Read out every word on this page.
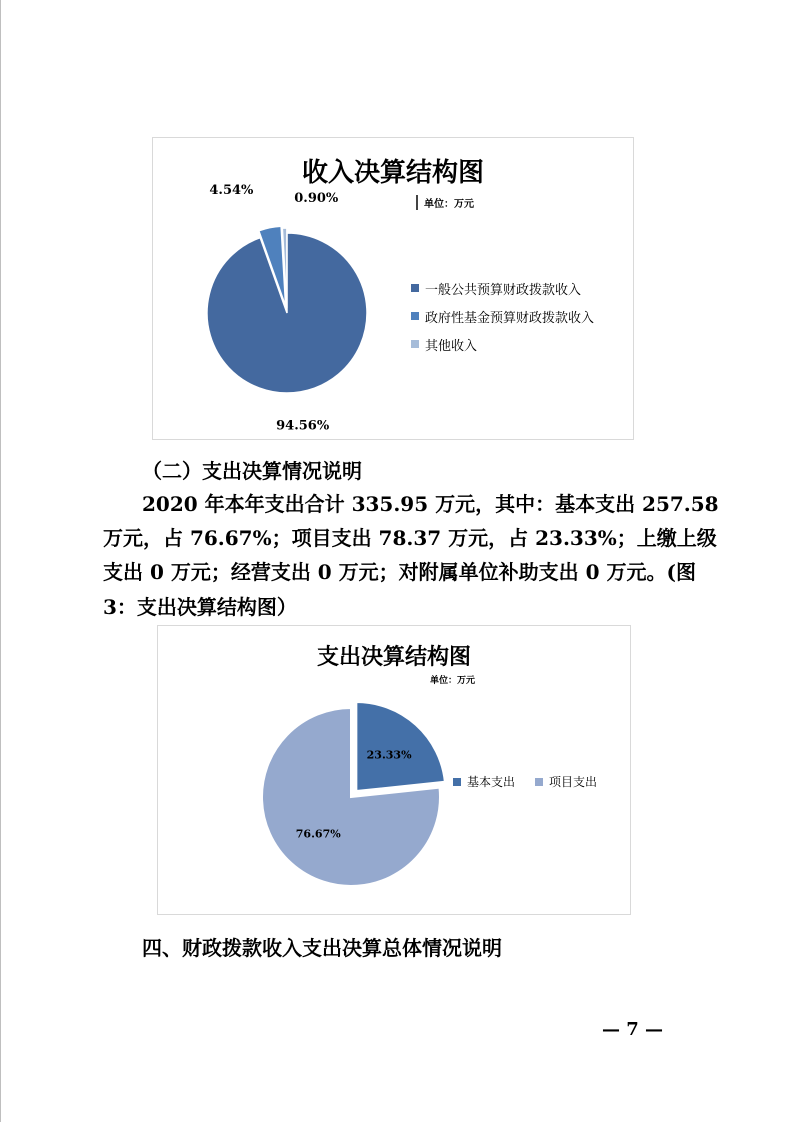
94.56%
4.54%
0.90%
收入决算结构图
单位：万元
一般公共预算财政拨款收入
政府性基金预算财政拨款收入
其他收入
（二）支出决算情况说明
2020 年本年支出合计 335.95 万元，其中：基本支出 257.58
万元，占 76.67%；项目支出 78.37 万元，占 23.33%；上缴上级
支出 0 万元；经营支出 0 万元；对附属单位补助支出 0 万元。(图
3：支出决算结构图）
23.33%
76.67%
支出决算结构图
单位：万元
基本支出	项目支出
四、财政拨款收入支出决算总体情况说明
— 7 —
